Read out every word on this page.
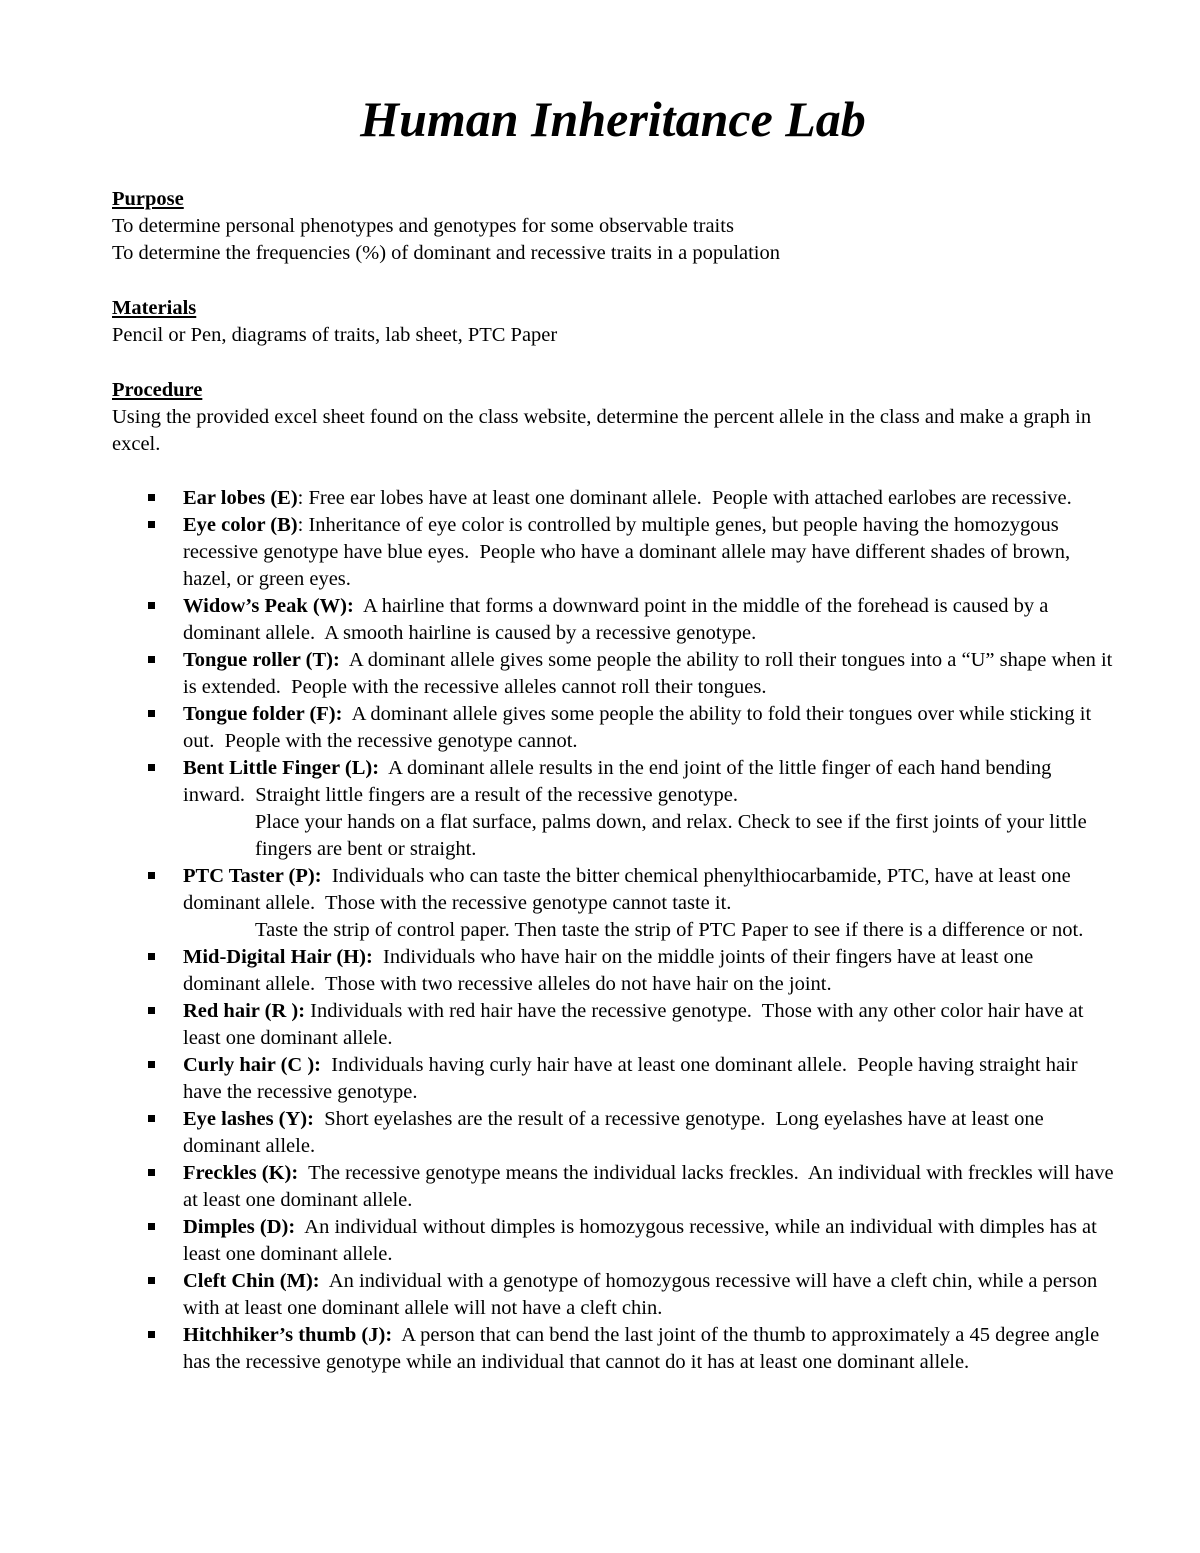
Human Inheritance Lab
Purpose
To determine personal phenotypes and genotypes for some observable traits
To determine the frequencies (%) of dominant and recessive traits in a population
Materials
Pencil or Pen, diagrams of traits, lab sheet, PTC Paper
Procedure
Using the provided excel sheet found on the class website, determine the percent allele in the class and make a graph in excel.
Ear lobes (E): Free ear lobes have at least one dominant allele.  People with attached earlobes are recessive.
Eye color (B): Inheritance of eye color is controlled by multiple genes, but people having the homozygous recessive genotype have blue eyes.  People who have a dominant allele may have different shades of brown, hazel, or green eyes.
Widow’s Peak (W):  A hairline that forms a downward point in the middle of the forehead is caused by a dominant allele.  A smooth hairline is caused by a recessive genotype.
Tongue roller (T):  A dominant allele gives some people the ability to roll their tongues into a “U” shape when it is extended.  People with the recessive alleles cannot roll their tongues.
Tongue folder (F):  A dominant allele gives some people the ability to fold their tongues over while sticking it out.  People with the recessive genotype cannot.
Bent Little Finger (L):  A dominant allele results in the end joint of the little finger of each hand bending inward.  Straight little fingers are a result of the recessive genotype.
Place your hands on a flat surface, palms down, and relax. Check to see if the first joints of your little fingers are bent or straight.
PTC Taster (P):  Individuals who can taste the bitter chemical phenylthiocarbamide, PTC, have at least one dominant allele.  Those with the recessive genotype cannot taste it.
Taste the strip of control paper. Then taste the strip of PTC Paper to see if there is a difference or not.
Mid-Digital Hair (H):  Individuals who have hair on the middle joints of their fingers have at least one dominant allele.  Those with two recessive alleles do not have hair on the joint.
Red hair (R ): Individuals with red hair have the recessive genotype.  Those with any other color hair have at least one dominant allele.
Curly hair (C ):  Individuals having curly hair have at least one dominant allele.  People having straight hair have the recessive genotype.
Eye lashes (Y):  Short eyelashes are the result of a recessive genotype.  Long eyelashes have at least one dominant allele.
Freckles (K):  The recessive genotype means the individual lacks freckles.  An individual with freckles will have at least one dominant allele.
Dimples (D):  An individual without dimples is homozygous recessive, while an individual with dimples has at least one dominant allele.
Cleft Chin (M):  An individual with a genotype of homozygous recessive will have a cleft chin, while a person with at least one dominant allele will not have a cleft chin.
Hitchhiker’s thumb (J):  A person that can bend the last joint of the thumb to approximately a 45 degree angle has the recessive genotype while an individual that cannot do it has at least one dominant allele.
